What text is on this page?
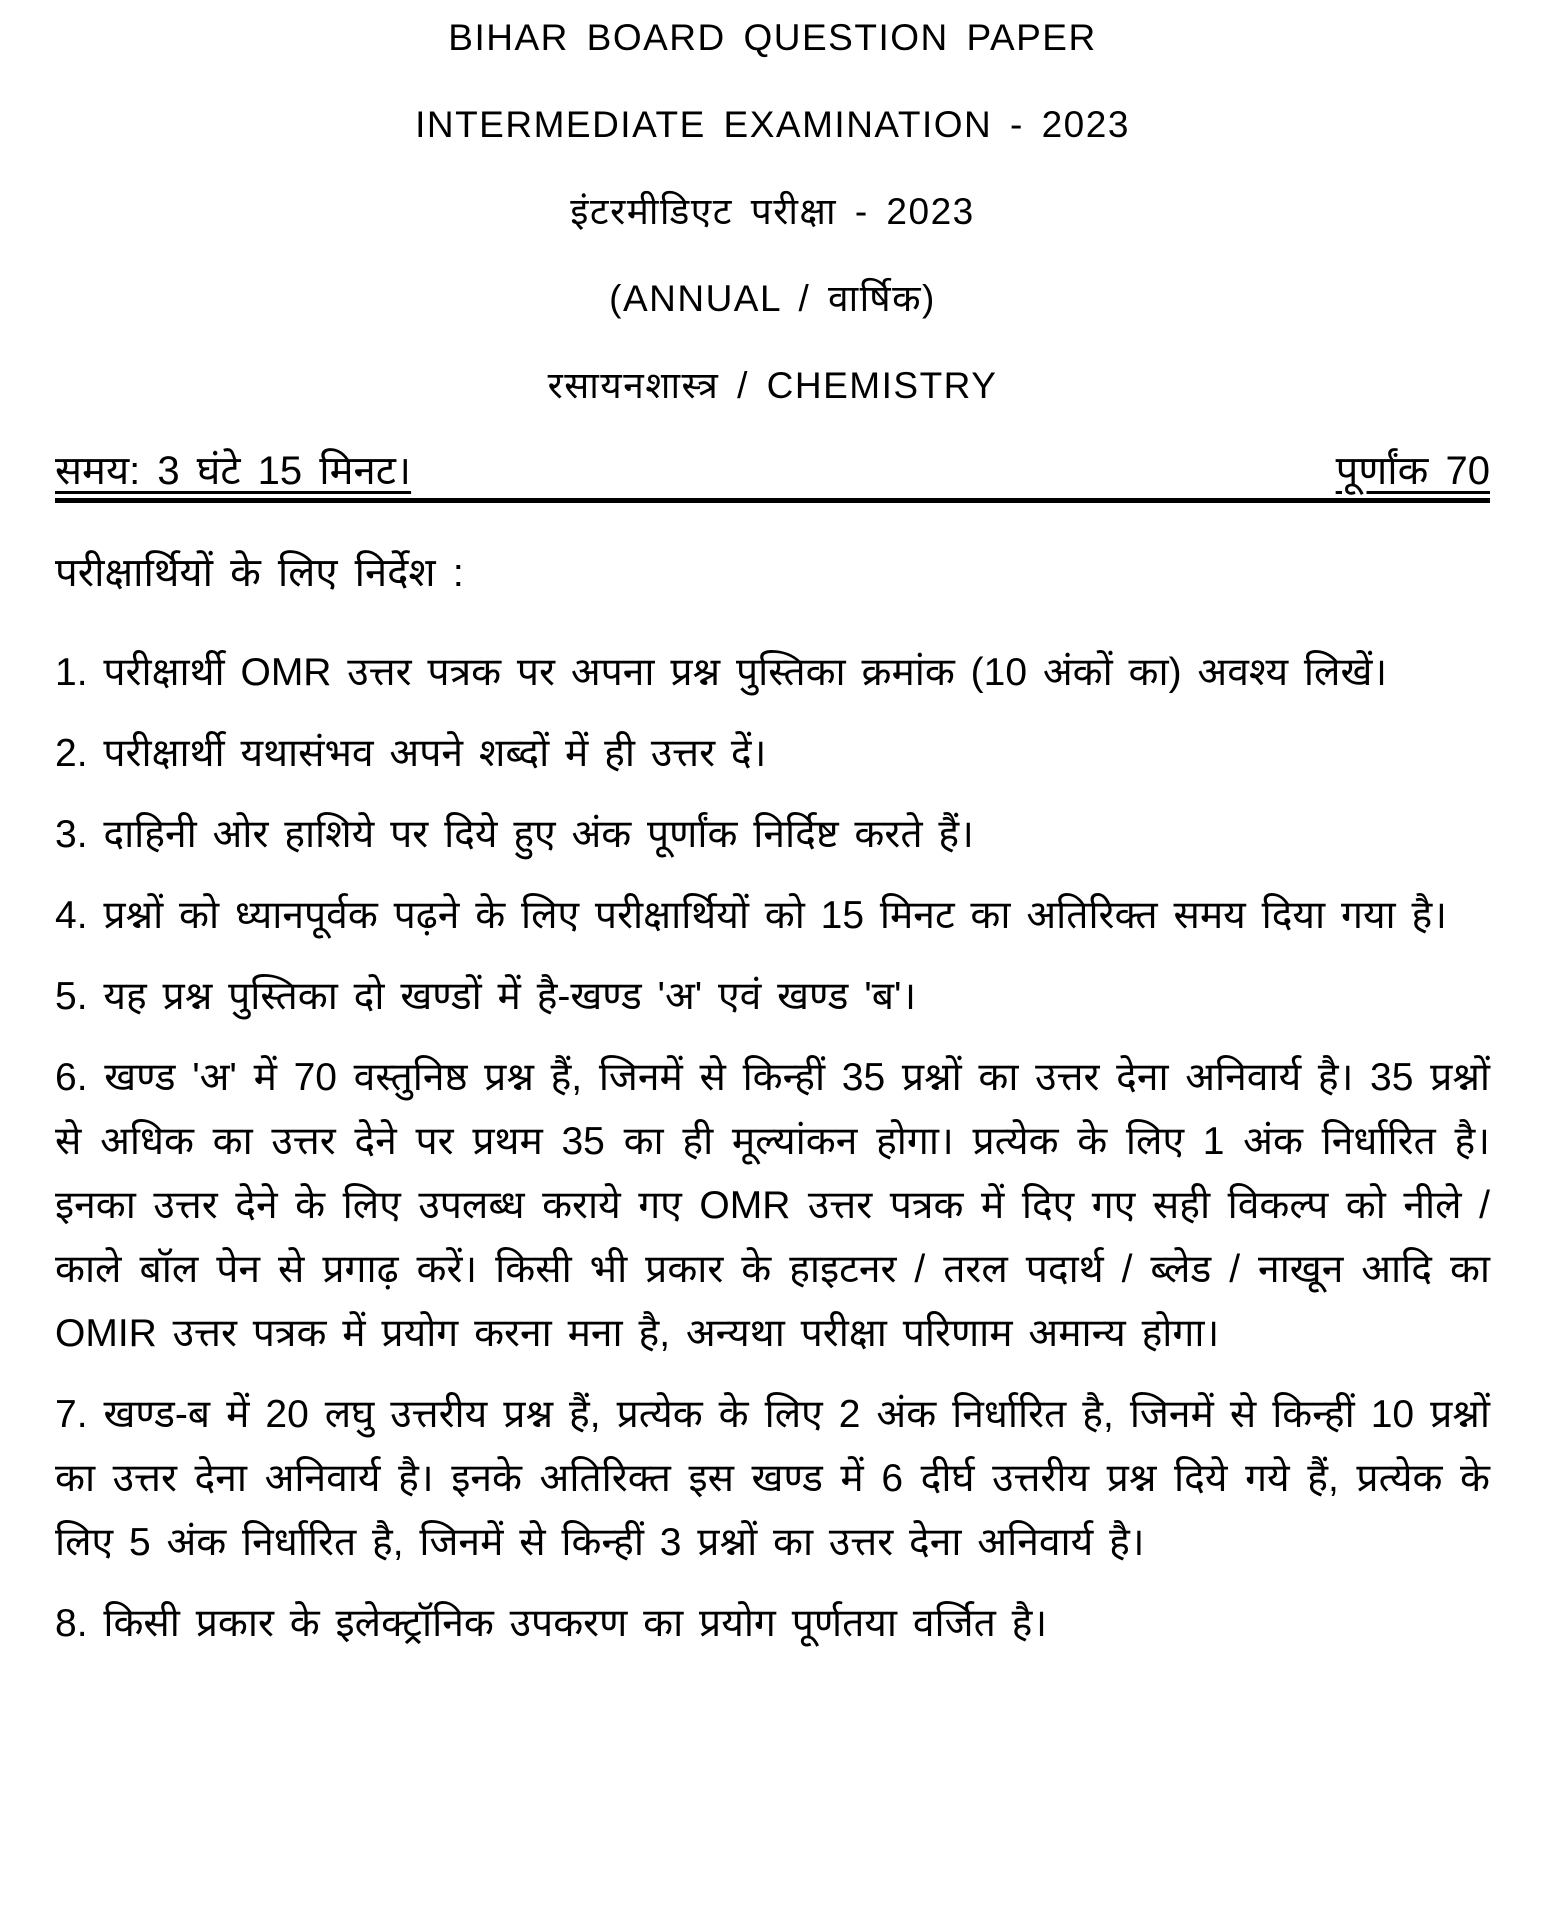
BIHAR BOARD QUESTION PAPER
INTERMEDIATE EXAMINATION - 2023
इंटरमीडिएट परीक्षा - 2023
(ANNUAL / वार्षिक)
रसायनशास्त्र / CHEMISTRY
समय: 3 घंटे 15 मिनट।	पूर्णांक 70
परीक्षार्थियों के लिए निर्देश :

1. परीक्षार्थी OMR उत्तर पत्रक पर अपना प्रश्न पुस्तिका क्रमांक (10 अंकों का) अवश्य लिखें।

2. परीक्षार्थी यथासंभव अपने शब्दों में ही उत्तर दें।

3. दाहिनी ओर हाशिये पर दिये हुए अंक पूर्णांक निर्दिष्ट करते हैं।

4. प्रश्नों को ध्यानपूर्वक पढ़ने के लिए परीक्षार्थियों को 15 मिनट का अतिरिक्त समय दिया गया है।

5. यह प्रश्न पुस्तिका दो खण्डों में है-खण्ड 'अ' एवं खण्ड 'ब'।

6. खण्ड 'अ' में 70 वस्तुनिष्ठ प्रश्न हैं, जिनमें से किन्हीं 35 प्रश्नों का उत्तर देना अनिवार्य है। 35 प्रश्नों से अधिक का उत्तर देने पर प्रथम 35 का ही मूल्यांकन होगा। प्रत्येक के लिए 1 अंक निर्धारित है। इनका उत्तर देने के लिए उपलब्ध कराये गए OMR उत्तर पत्रक में दिए गए सही विकल्प को नीले / काले बॉल पेन से प्रगाढ़ करें। किसी भी प्रकार के हाइटनर / तरल पदार्थ / ब्लेड / नाखून आदि का OMIR उत्तर पत्रक में प्रयोग करना मना है, अन्यथा परीक्षा परिणाम अमान्य होगा।

7. खण्ड-ब में 20 लघु उत्तरीय प्रश्न हैं, प्रत्येक के लिए 2 अंक निर्धारित है, जिनमें से किन्हीं 10 प्रश्नों का उत्तर देना अनिवार्य है। इनके अतिरिक्त इस खण्ड में 6 दीर्घ उत्तरीय प्रश्न दिये गये हैं, प्रत्येक के लिए 5 अंक निर्धारित है, जिनमें से किन्हीं 3 प्रश्नों का उत्तर देना अनिवार्य है।

8. किसी प्रकार के इलेक्ट्रॉनिक उपकरण का प्रयोग पूर्णतया वर्जित है।
